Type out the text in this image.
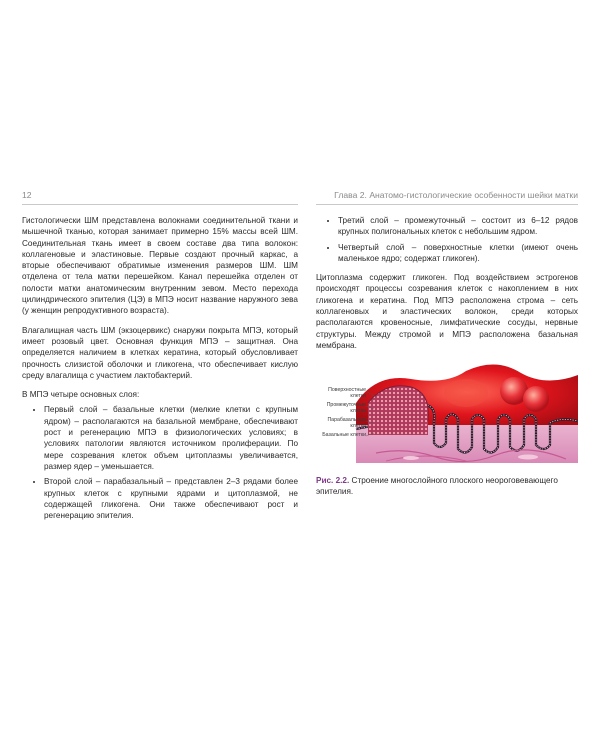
12

Гистологически ШМ представлена волокнами соединительной ткани и мышечной тканью, которая занимает примерно 15% массы всей ШМ. Соединительная ткань имеет в своем составе два типа волокон: коллагеновые и эластиновые. Первые создают прочный каркас, а вторые обеспечивают обратимые изменения размеров ШМ. ШМ отделена от тела матки перешейком. Канал перешейка отделен от полости матки анатомическим внутренним зевом. Место перехода цилиндрического эпителия (ЦЭ) в МПЭ носит название наружного зева (у женщин репродуктивного возраста).

Влагалищная часть ШМ (экзоцервикс) снаружи покрыта МПЭ, который имеет розовый цвет. Основная функция МПЭ – защитная. Она определяется наличием в клетках кератина, который обусловливает прочность слизистой оболочки и гликогена, что обеспечивает кислую среду влагалища с участием лактобактерий.

В МПЭ четыре основных слоя:

• Первый слой – базальные клетки (мелкие клетки с крупным ядром) – располагаются на базальной мембране, обеспечивают рост и регенерацию МПЭ в физиологических условиях; в условиях патологии являются источником пролиферации. По мере созревания клеток объем цитоплазмы увеличивается, размер ядер – уменьшается.
• Второй слой – парабазальный – представлен 2–3 рядами более крупных клеток с крупными ядрами и цитоплазмой, не содержащей гликогена. Они также обеспечивают рост и регенерацию эпителия.
Глава 2. Анатомо-гистологические особенности шейки матки
• Третий слой – промежуточный – состоит из 6–12 рядов крупных полигональных клеток с небольшим ядром.
• Четвертый слой – поверхностные клетки (имеют очень маленькое ядро; содержат гликоген).

Цитоплазма содержит гликоген. Под воздействием эстрогенов происходят процессы созревания клеток с накоплением в них гликогена и кератина. Под МПЭ расположена строма – сеть коллагеновых и эластических волокон, среди которых располагаются кровеносные, лимфатические сосуды, нервные структуры. Между стромой и МПЭ расположена базальная мембрана.

Поверхностные клетки
Промежуточные клетки
Парабазальные клетки
Базальные клетки
Рис. 2.2. Строение многослойного плоского неороговевающего эпителия.
